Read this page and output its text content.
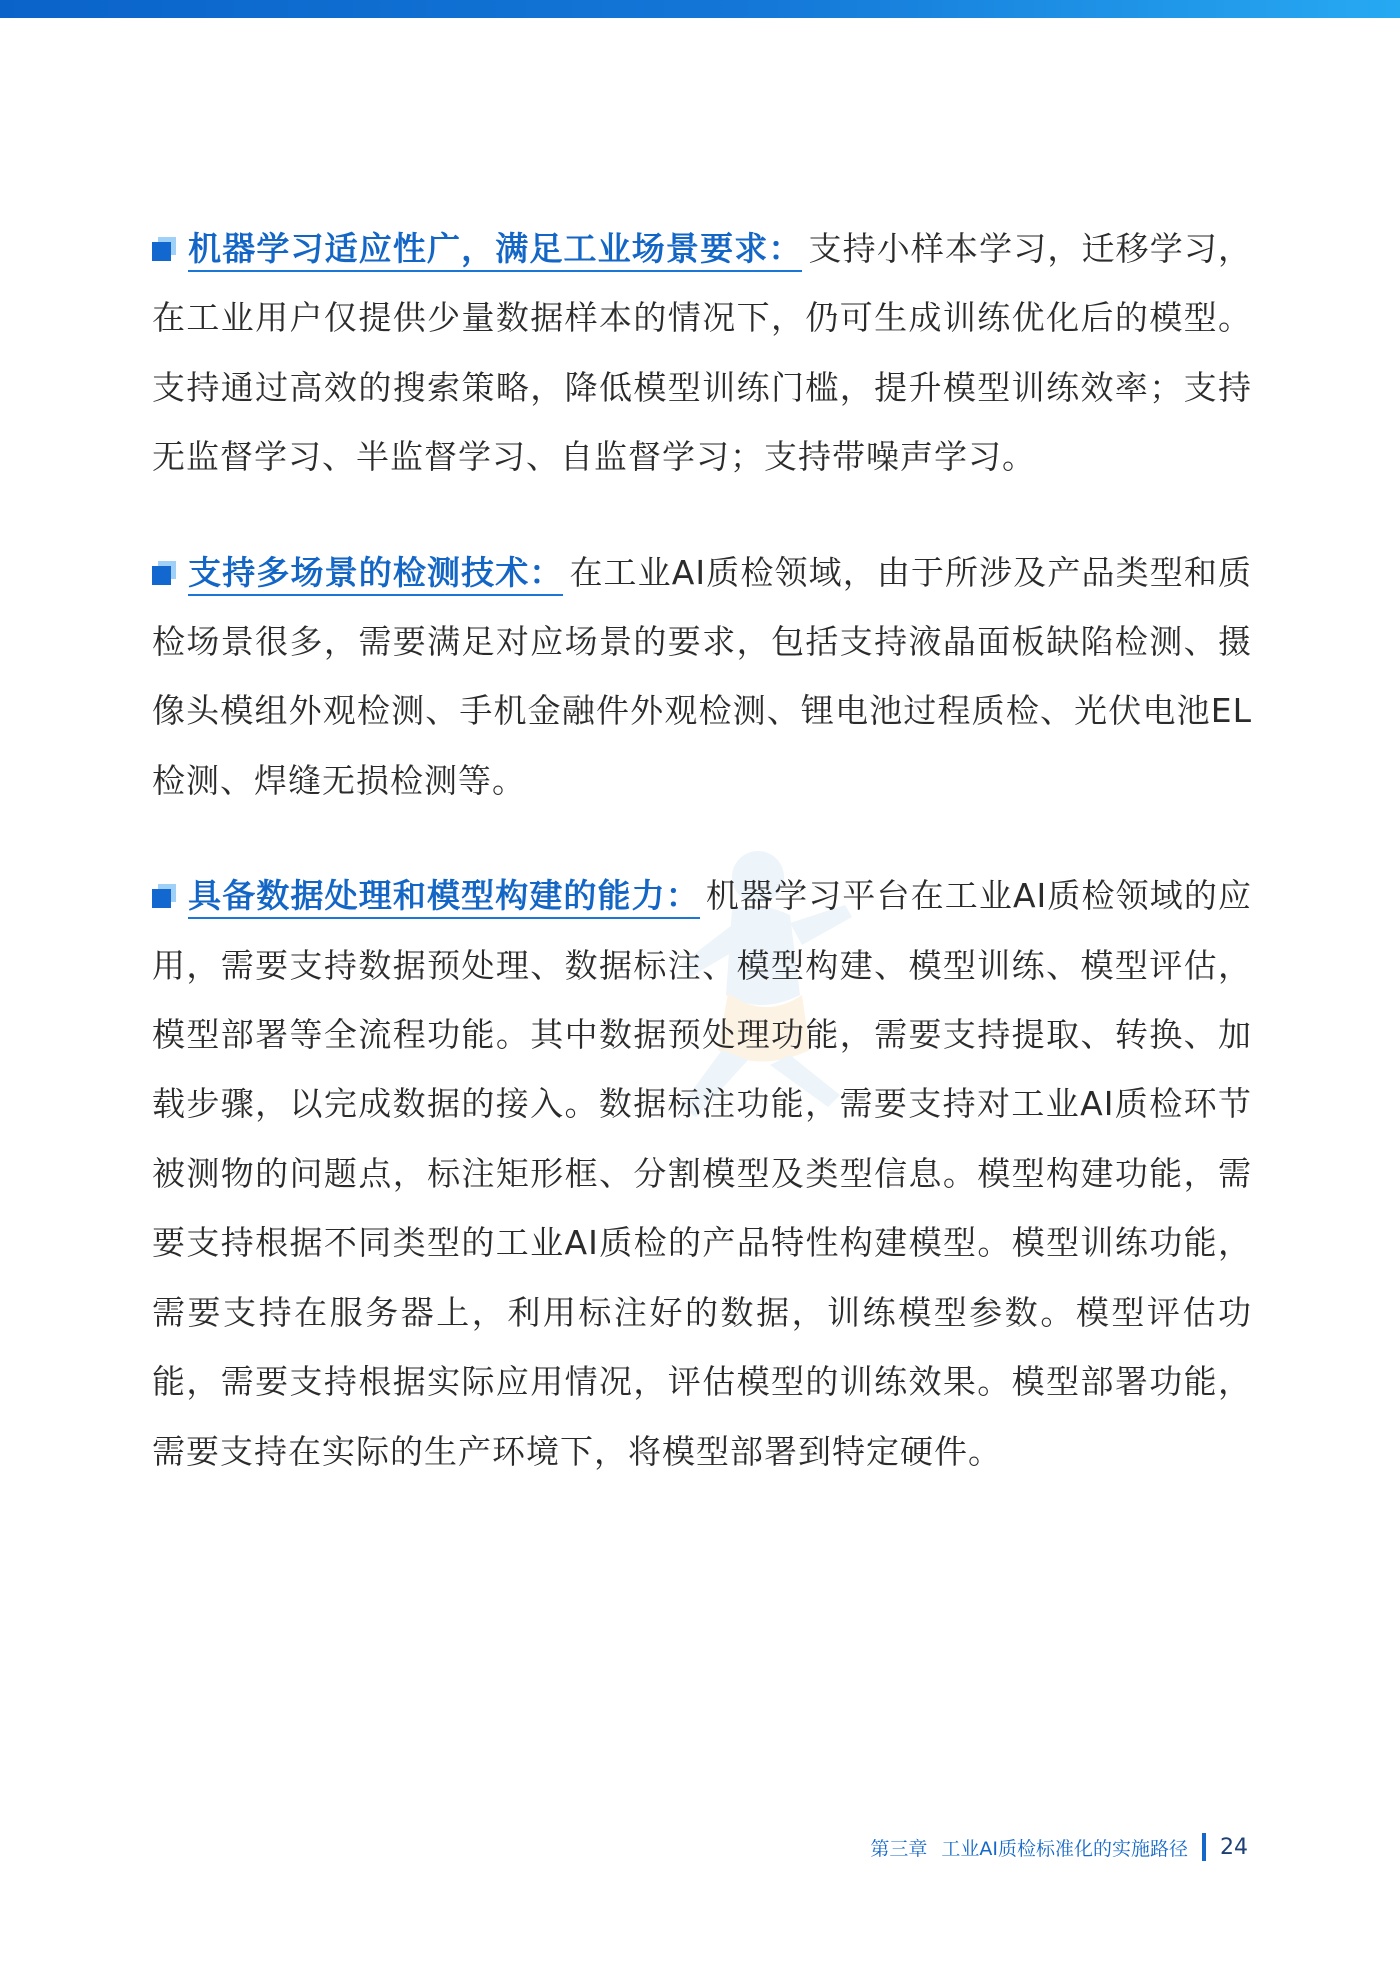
机器学习适应性广，满足工业场景要求： 支持小样本学习，迁移学习，在工业用户仅提供少量数据样本的情况下，仍可生成训练优化后的模型。支持通过高效的搜索策略，降低模型训练门槛，提升模型训练效率；支持无监督学习、半监督学习、自监督学习；支持带噪声学习。

支持多场景的检测技术： 在工业AI质检领域，由于所涉及产品类型和质检场景很多，需要满足对应场景的要求，包括支持液晶面板缺陷检测、摄像头模组外观检测、手机金融件外观检测、锂电池过程质检、光伏电池EL检测、焊缝无损检测等。

具备数据处理和模型构建的能力： 机器学习平台在工业AI质检领域的应用，需要支持数据预处理、数据标注、模型构建、模型训练、模型评估，模型部署等全流程功能。其中数据预处理功能，需要支持提取、转换、加载步骤，以完成数据的接入。数据标注功能，需要支持对工业AI质检环节被测物的问题点，标注矩形框、分割模型及类型信息。模型构建功能，需要支持根据不同类型的工业AI质检的产品特性构建模型。模型训练功能，需要支持在服务器上，利用标注好的数据，训练模型参数。模型评估功能，需要支持根据实际应用情况，评估模型的训练效果。模型部署功能，需要支持在实际的生产环境下，将模型部署到特定硬件。

第三章 工业AI质检标准化的实施路径 24
